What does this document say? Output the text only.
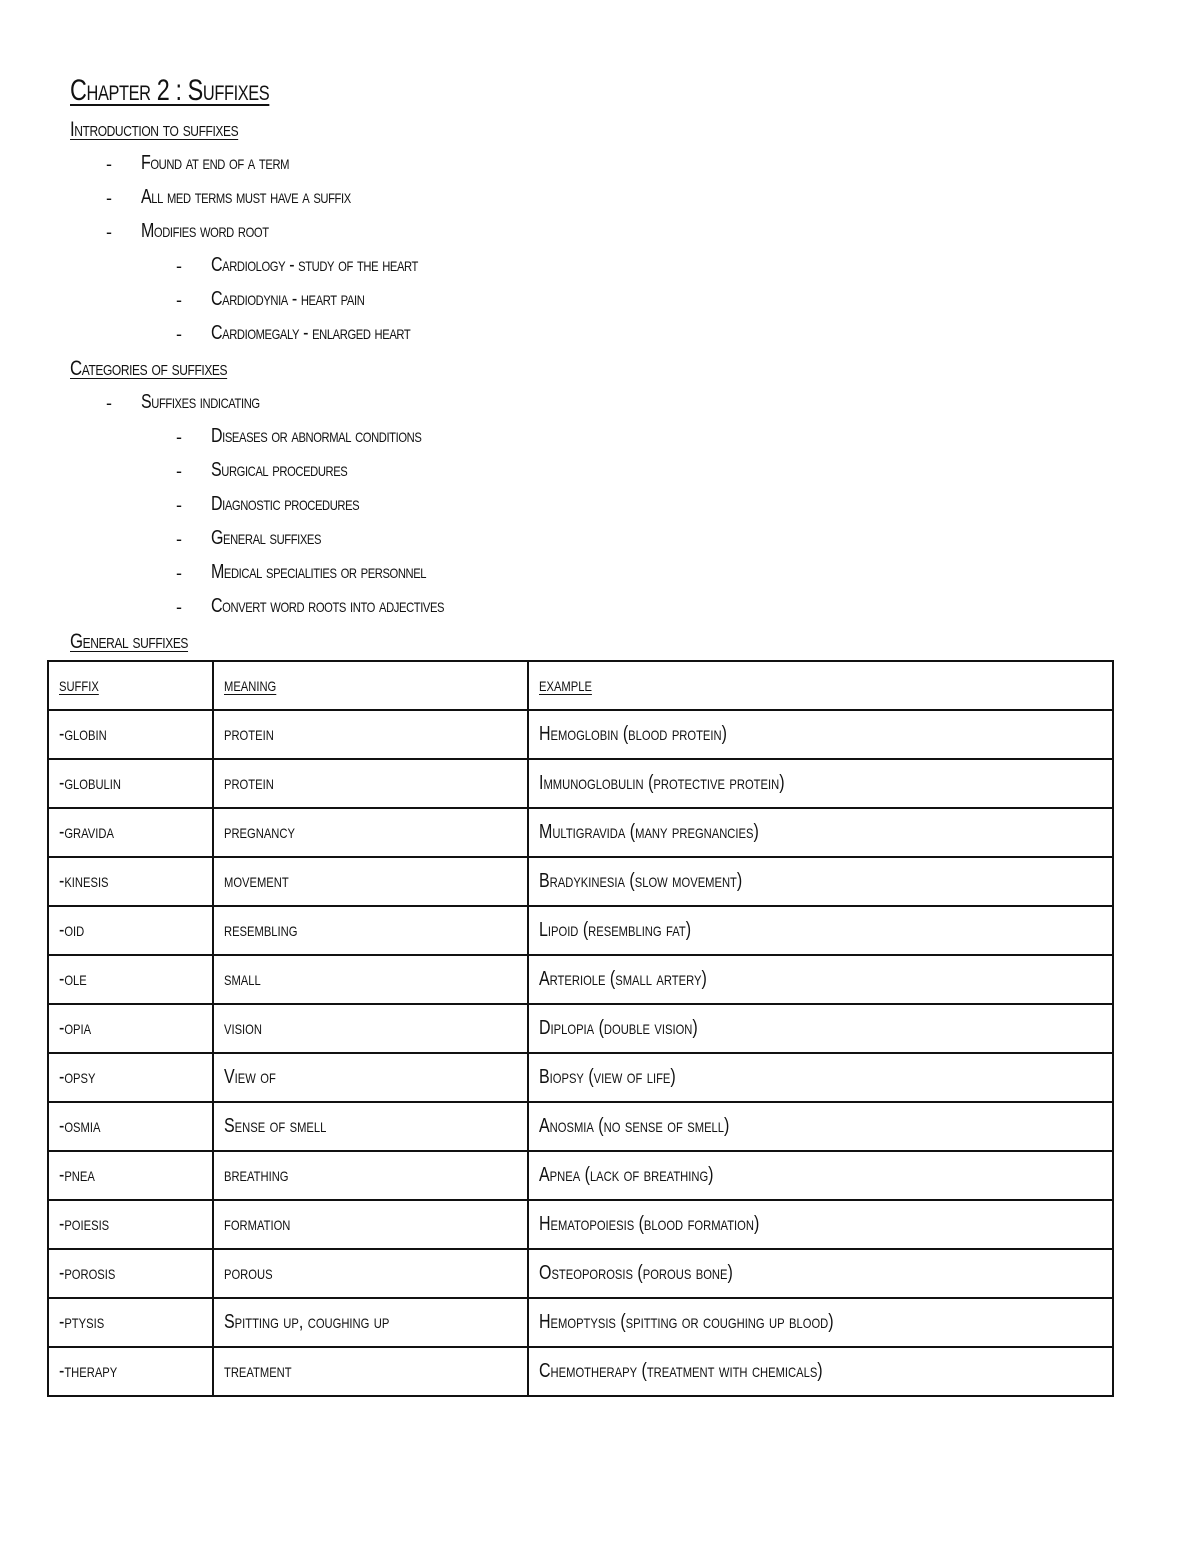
Chapter 2 : Suffixes
Introduction to suffixes
- Found at end of a term
- All med terms must have a suffix
- Modifies word root
- Cardiology - study of the heart
- Cardiodynia - heart pain
- Cardiomegaly - enlarged heart
Categories of suffixes
- Suffixes indicating
- Diseases or abnormal conditions
- Surgical procedures
- Diagnostic procedures
- General suffixes
- Medical specialities or personnel
- Convert word roots into adjectives
General suffixes
suffix	meaning	example
-globin	protein	Hemoglobin (blood protein)
-globulin	protein	Immunoglobulin (protective protein)
-gravida	pregnancy	Multigravida (many pregnancies)
-kinesis	movement	Bradykinesia (slow movement)
-oid	resembling	Lipoid (resembling fat)
-ole	small	Arteriole (small artery)
-opia	vision	Diplopia (double vision)
-opsy	View of	Biopsy (view of life)
-osmia	Sense of smell	Anosmia (no sense of smell)
-pnea	breathing	Apnea (lack of breathing)
-poiesis	formation	Hematopoiesis (blood formation)
-porosis	porous	Osteoporosis (porous bone)
-ptysis	Spitting up, coughing up	Hemoptysis (spitting or coughing up blood)
-therapy	treatment	Chemotherapy (treatment with chemicals)
